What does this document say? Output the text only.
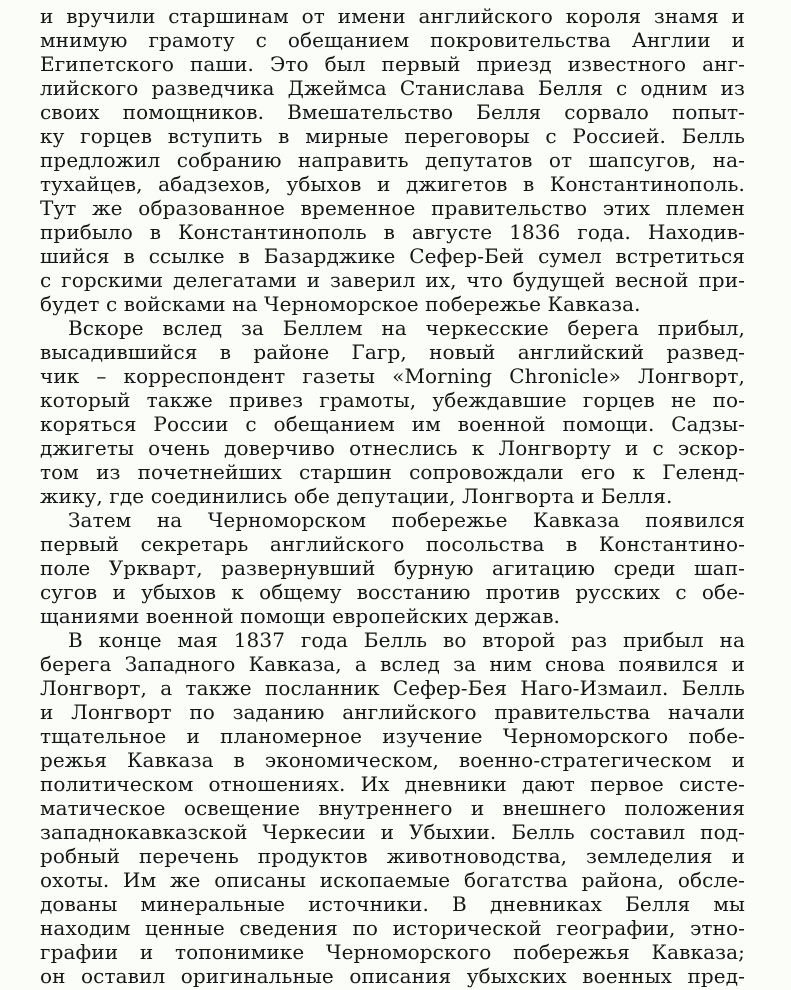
и вручили старшинам от имени английского короля знамя и
мнимую грамоту с обещанием покровительства Англии и
Египетского паши. Это был первый приезд известного анг-
лийского разведчика Джеймса Станислава Белля с одним из
своих помощников. Вмешательство Белля сорвало попыт-
ку горцев вступить в мирные переговоры с Россией. Белль
предложил собранию направить депутатов от шапсугов, на-
тухайцев, абадзехов, убыхов и джигетов в Константинополь.
Тут же образованное временное правительство этих племен
прибыло в Константинополь в августе 1836 года. Находив-
шийся в ссылке в Базарджике Сефер-Бей сумел встретиться
с горскими делегатами и заверил их, что будущей весной при-
будет с войсками на Черноморское побережье Кавказа.
Вскоре вслед за Беллем на черкесские берега прибыл,
высадившийся в районе Гагр, новый английский развед-
чик – корреспондент газеты «Morning Chronicle» Лонгворт,
который также привез грамоты, убеждавшие горцев не по-
коряться России с обещанием им военной помощи. Садзы-
джигеты очень доверчиво отнеслись к Лонгворту и с эскор-
том из почетнейших старшин сопровождали его к Геленд-
жику, где соединились обе депутации, Лонгворта и Белля.
Затем на Черноморском побережье Кавказа появился
первый секретарь английского посольства в Константино-
поле Уркварт, развернувший бурную агитацию среди шап-
сугов и убыхов к общему восстанию против русских с обе-
щаниями военной помощи европейских держав.
В конце мая 1837 года Белль во второй раз прибыл на
берега Западного Кавказа, а вслед за ним снова появился и
Лонгворт, а также посланник Сефер-Бея Наго-Измаил. Белль
и Лонгворт по заданию английского правительства начали
тщательное и планомерное изучение Черноморского побе-
режья Кавказа в экономическом, военно-стратегическом и
политическом отношениях. Их дневники дают первое систе-
матическое освещение внутреннего и внешнего положения
западнокавказской Черкесии и Убыхии. Белль составил под-
робный перечень продуктов животноводства, земледелия и
охоты. Им же описаны ископаемые богатства района, обсле-
дованы минеральные источники. В дневниках Белля мы
находим ценные сведения по исторической географии, этно-
графии и топонимике Черноморского побережья Кавказа;
он оставил оригинальные описания убыхских военных пред-
